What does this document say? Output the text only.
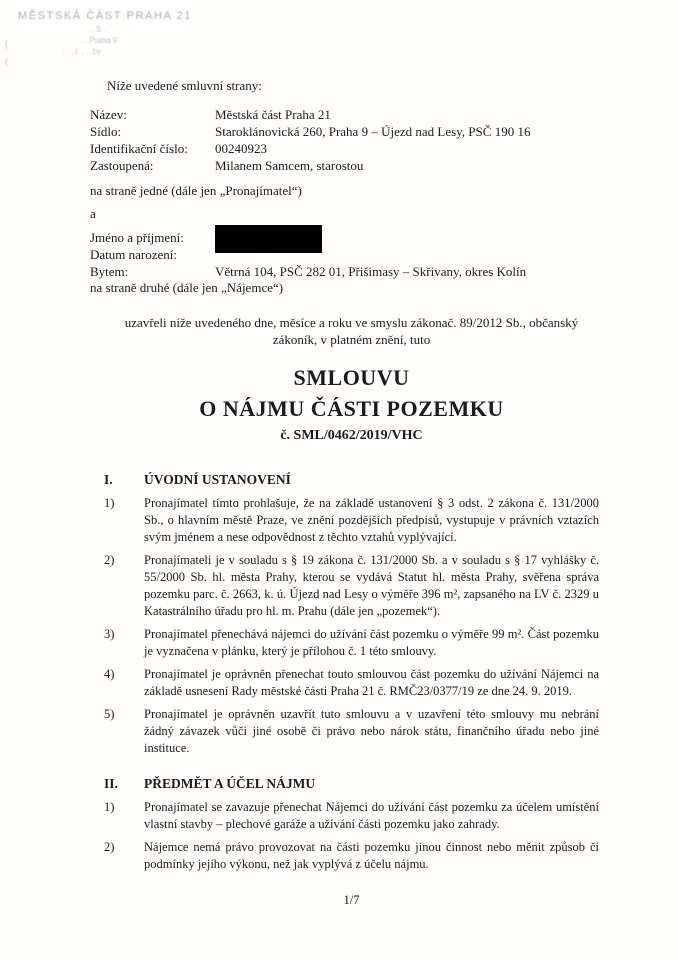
MĚSTSKÁ ČÁST PRAHA 21
, 5 .
. .. Praha 9
. . ,.l. . ...by
(
(
Níže uvedené smluvní strany:
Název:	Městská část Praha 21
Sídlo:	Staroklánovická 260, Praha 9 – Újezd nad Lesy, PSČ 190 16
Identifikační číslo:	00240923
Zastoupená:	Milanem Samcem, starostou
na straně jedné (dále jen „Pronajímatel“)
a
Jméno a příjmení:
Datum narození:
Bytem:	Větrná 104, PSČ 282 01, Přišimasy – Skřivany, okres Kolín
na straně druhé (dále jen „Nájemce“)
uzavřeli níže uvedeného dne, měsíce a roku ve smyslu zákonač. 89/2012 Sb., občanský zákoník, v platném znění, tuto
SMLOUVU
O NÁJMU ČÁSTI POZEMKU
č. SML/0462/2019/VHC
I.	ÚVODNÍ USTANOVENÍ
1)	Pronajímatel tímto prohlašuje, že na základě ustanovení § 3 odst. 2 zákona č. 131/2000 Sb., o hlavním městě Praze, ve znění pozdějších předpisů, vystupuje v právních vztazích svým jménem a nese odpovědnost z těchto vztahů vyplývající.
2)	Pronajímateli je v souladu s § 19 zákona č. 131/2000 Sb. a v souladu s § 17 vyhlášky č. 55/2000 Sb. hl. města Prahy, kterou se vydává Statut hl. města Prahy, svěřena správa pozemku parc. č. 2663, k. ú. Újezd nad Lesy o výměře 396 m², zapsaného na LV č. 2329 u Katastrálního úřadu pro hl. m. Prahu (dále jen „pozemek“).
3)	Pronajímatel přenechává nájemci do užívání část pozemku o výměře 99 m². Část pozemku je vyznačena v plánku, který je přílohou č. 1 této smlouvy.
4)	Pronajímatel je oprávněn přenechat touto smlouvou část pozemku do užívání Nájemci na základě usnesení Rady městské části Praha 21 č. RMČ23/0377/19 ze dne 24. 9. 2019.
5)	Pronajímatel je oprávněn uzavřít tuto smlouvu a v uzavření této smlouvy mu nebrání žádný závazek vůči jiné osobě či právo nebo nárok státu, finančního úřadu nebo jiné instituce.
II.	PŘEDMĚT A ÚČEL NÁJMU
1)	Pronajímatel se zavazuje přenechat Nájemci do užívání část pozemku za účelem umístění vlastní stavby – plechové garáže a užívání části pozemku jako zahrady.
2)	Nájemce nemá právo provozovat na části pozemku jinou činnost nebo měnit způsob či podmínky jejího výkonu, než jak vyplývá z účelu nájmu.
1/7
